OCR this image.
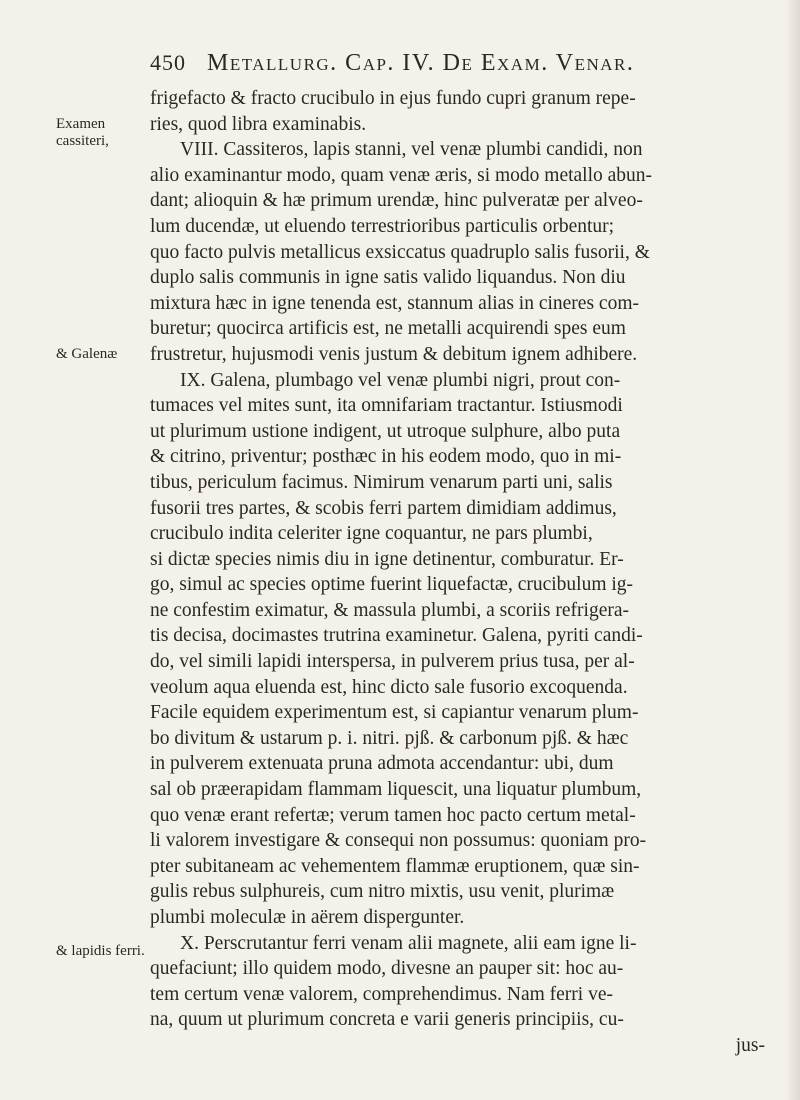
450 Metallurg. Cap. IV. De Exam. Venar.
Examen cassiteri,
& Galenæ
& lapidis ferri.
frigefacto & fracto crucibulo in ejus fundo cupri granum repe-
ries, quod libra examinabis.
VIII. Cassiteros, lapis stanni, vel venæ plumbi candidi, non
alio examinantur modo, quam venæ æris, si modo metallo abun-
dant; alioquin & hæ primum urendæ, hinc pulveratæ per alveo-
lum ducendæ, ut eluendo terrestrioribus particulis orbentur;
quo facto pulvis metallicus exsiccatus quadruplo salis fusorii, &
duplo salis communis in igne satis valido liquandus. Non diu
mixtura hæc in igne tenenda est, stannum alias in cineres com-
buretur; quocirca artificis est, ne metalli acquirendi spes eum
frustretur, hujusmodi venis justum & debitum ignem adhibere.
IX. Galena, plumbago vel venæ plumbi nigri, prout con-
tumaces vel mites sunt, ita omnifariam tractantur. Istiusmodi
ut plurimum ustione indigent, ut utroque sulphure, albo puta
& citrino, priventur; posthæc in his eodem modo, quo in mi-
tibus, periculum facimus. Nimirum venarum parti uni, salis
fusorii tres partes, & scobis ferri partem dimidiam addimus,
crucibulo indita celeriter igne coquantur, ne pars plumbi,
si dictæ species nimis diu in igne detinentur, comburatur. Er-
go, simul ac species optime fuerint liquefactæ, crucibulum ig-
ne confestim eximatur, & massula plumbi, a scoriis refrigera-
tis decisa, docimastes trutrina examinetur. Galena, pyriti candi-
do, vel simili lapidi interspersa, in pulverem prius tusa, per al-
veolum aqua eluenda est, hinc dicto sale fusorio excoquenda.
Facile equidem experimentum est, si capiantur venarum plum-
bo divitum & ustarum p. i. nitri. pjß. & carbonum pjß. & hæc
in pulverem extenuata pruna admota accendantur: ubi, dum
sal ob præerapidam flammam liquescit, una liquatur plumbum,
quo venæ erant refertæ; verum tamen hoc pacto certum metal-
li valorem investigare & consequi non possumus: quoniam pro-
pter subitaneam ac vehementem flammæ eruptionem, quæ sin-
gulis rebus sulphureis, cum nitro mixtis, usu venit, plurimæ
plumbi moleculæ in aërem dispergunter.
X. Perscrutantur ferri venam alii magnete, alii eam igne li-
quefaciunt; illo quidem modo, divesne an pauper sit: hoc au-
tem certum venæ valorem, comprehendimus. Nam ferri ve-
na, quum ut plurimum concreta e varii generis principiis, cu-
jus-
